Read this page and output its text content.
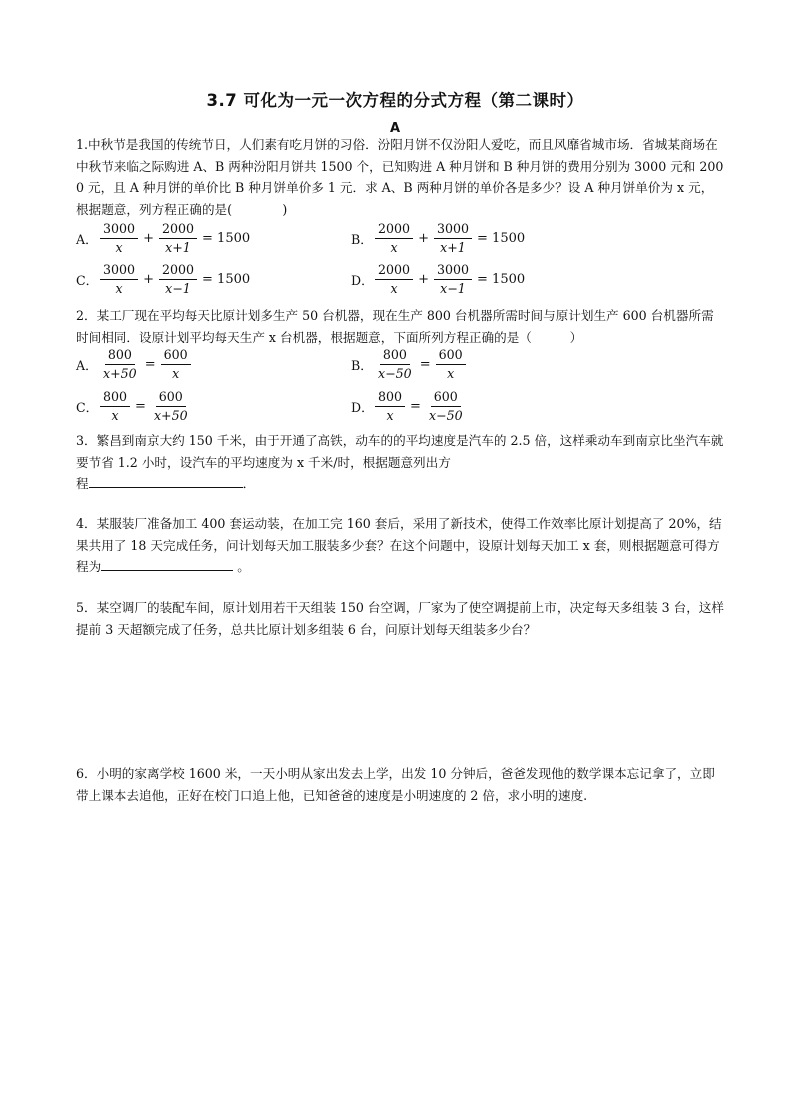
3.7 可化为一元一次方程的分式方程（第二课时）
A

1.中秋节是我国的传统节日，人们素有吃月饼的习俗．汾阳月饼不仅汾阳人爱吃，而且风靡省城市场．省城某商场在中秋节来临之际购进 A、B 两种汾阳月饼共 1500 个，已知购进 A 种月饼和 B 种月饼的费用分别为 3000 元和 2000 元，且 A 种月饼的单价比 B 种月饼单价多 1 元．求 A、B 两种月饼的单价各是多少？设 A 种月饼单价为 x 元，根据题意，列方程正确的是(　　　　)

A． $\frac{3000}{x} + \frac{2000}{x+1} = 1500$	B． $\frac{2000}{x} + \frac{3000}{x+1} = 1500$
C． $\frac{3000}{x} + \frac{2000}{x-1} = 1500$	D． $\frac{2000}{x} + \frac{3000}{x-1} = 1500$

2．某工厂现在平均每天比原计划多生产 50 台机器，现在生产 800 台机器所需时间与原计划生产 600 台机器所需时间相同．设原计划平均每天生产 x 台机器，根据题意，下面所列方程正确的是（　　　）

A． $\frac{800}{x+50} = \frac{600}{x}$	B． $\frac{800}{x-50} = \frac{600}{x}$
C． $\frac{800}{x} = \frac{600}{x+50}$	D． $\frac{800}{x} = \frac{600}{x-50}$

3．繁昌到南京大约 150 千米，由于开通了高铁，动车的的平均速度是汽车的 2.5 倍，这样乘动车到南京比坐汽车就要节省 1.2 小时，设汽车的平均速度为 x 千米/时，根据题意列出方
程	．

4．某服装厂准备加工 400 套运动装，在加工完 160 套后，采用了新技术，使得工作效率比原计划提高了 20%，结果共用了 18 天完成任务，问计划每天加工服装多少套？在这个问题中，设原计划每天加工 x 套，则根据题意可得方程为	。

5．某空调厂的装配车间，原计划用若干天组装 150 台空调，厂家为了使空调提前上市，决定每天多组装 3 台，这样提前 3 天超额完成了任务，总共比原计划多组装 6 台，问原计划每天组装多少台？

6．小明的家离学校 1600 米，一天小明从家出发去上学，出发 10 分钟后，爸爸发现他的数学课本忘记拿了，立即带上课本去追他，正好在校门口追上他，已知爸爸的速度是小明速度的 2 倍，求小明的速度.
